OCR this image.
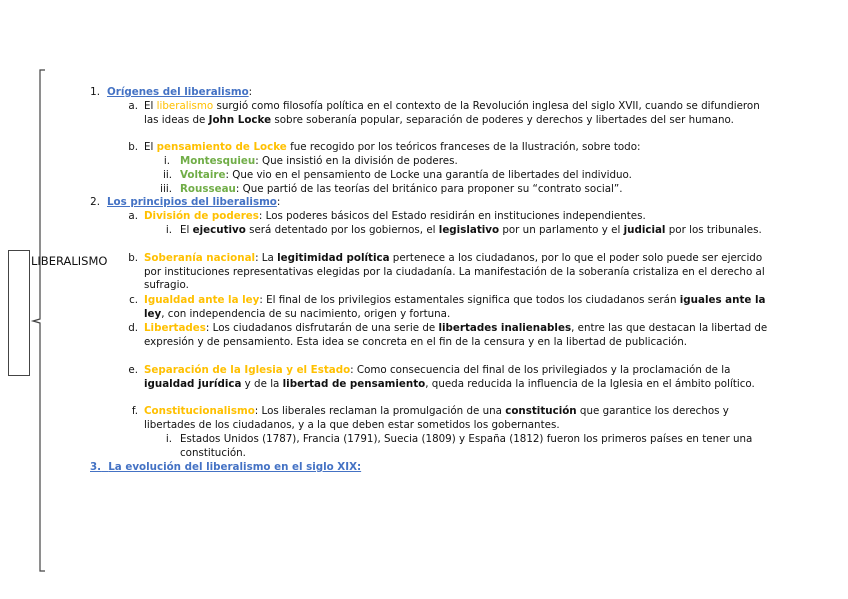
LIBERALISMO
1. Orígenes del liberalismo:
a. El liberalismo surgió como filosofía política en el contexto de la Revolución inglesa del siglo XVII, cuando se difundieron las ideas de John Locke sobre soberanía popular, separación de poderes y derechos y libertades del ser humano.
b. El pensamiento de Locke fue recogido por los teóricos franceses de la Ilustración, sobre todo:
i. Montesquieu: Que insistió en la división de poderes.
ii. Voltaire: Que vio en el pensamiento de Locke una garantía de libertades del individuo.
iii. Rousseau: Que partió de las teorías del británico para proponer su “contrato social”.
2. Los principios del liberalismo:
a. División de poderes: Los poderes básicos del Estado residirán en instituciones independientes.
i. El ejecutivo será detentado por los gobiernos, el legislativo por un parlamento y el judicial por los tribunales.
b. Soberanía nacional: La legitimidad política pertenece a los ciudadanos, por lo que el poder solo puede ser ejercido por instituciones representativas elegidas por la ciudadanía. La manifestación de la soberanía cristaliza en el derecho al sufragio.
c. Igualdad ante la ley: El final de los privilegios estamentales significa que todos los ciudadanos serán iguales ante la ley, con independencia de su nacimiento, origen y fortuna.
d. Libertades: Los ciudadanos disfrutarán de una serie de libertades inalienables, entre las que destacan la libertad de expresión y de pensamiento. Esta idea se concreta en el fin de la censura y en la libertad de publicación.
e. Separación de la Iglesia y el Estado: Como consecuencia del final de los privilegiados y la proclamación de la igualdad jurídica y de la libertad de pensamiento, queda reducida la influencia de la Iglesia en el ámbito político.
f. Constitucionalismo: Los liberales reclaman la promulgación de una constitución que garantice los derechos y libertades de los ciudadanos, y a la que deben estar sometidos los gobernantes.
i. Estados Unidos (1787), Francia (1791), Suecia (1809) y España (1812) fueron los primeros países en tener una constitución.
3. La evolución del liberalismo en el siglo XIX:
